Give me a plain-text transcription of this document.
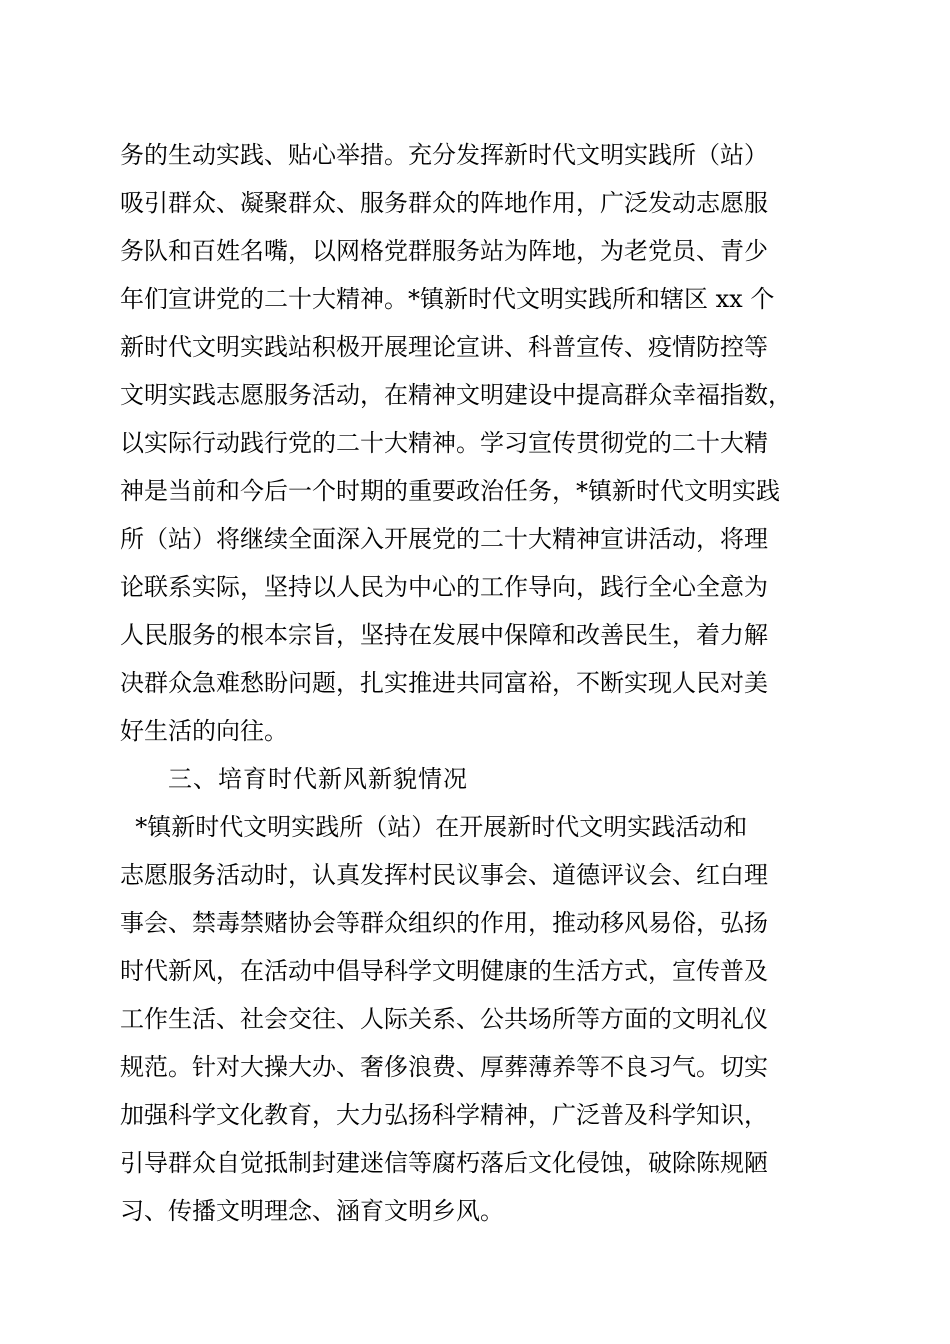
务的生动实践、贴心举措。充分发挥新时代文明实践所（站）
吸引群众、凝聚群众、服务群众的阵地作用，广泛发动志愿服
务队和百姓名嘴，以网格党群服务站为阵地，为老党员、青少
年们宣讲党的二十大精神。*镇新时代文明实践所和辖区 xx 个
新时代文明实践站积极开展理论宣讲、科普宣传、疫情防控等
文明实践志愿服务活动，在精神文明建设中提高群众幸福指数，
以实际行动践行党的二十大精神。学习宣传贯彻党的二十大精
神是当前和今后一个时期的重要政治任务，*镇新时代文明实践
所（站）将继续全面深入开展党的二十大精神宣讲活动，将理
论联系实际，坚持以人民为中心的工作导向，践行全心全意为
人民服务的根本宗旨，坚持在发展中保障和改善民生，着力解
决群众急难愁盼问题，扎实推进共同富裕，不断实现人民对美
好生活的向往。
三、培育时代新风新貌情况
*镇新时代文明实践所（站）在开展新时代文明实践活动和
志愿服务活动时，认真发挥村民议事会、道德评议会、红白理
事会、禁毒禁赌协会等群众组织的作用，推动移风易俗，弘扬
时代新风，在活动中倡导科学文明健康的生活方式，宣传普及
工作生活、社会交往、人际关系、公共场所等方面的文明礼仪
规范。针对大操大办、奢侈浪费、厚葬薄养等不良习气。切实
加强科学文化教育，大力弘扬科学精神，广泛普及科学知识，
引导群众自觉抵制封建迷信等腐朽落后文化侵蚀，破除陈规陋
习、传播文明理念、涵育文明乡风。
